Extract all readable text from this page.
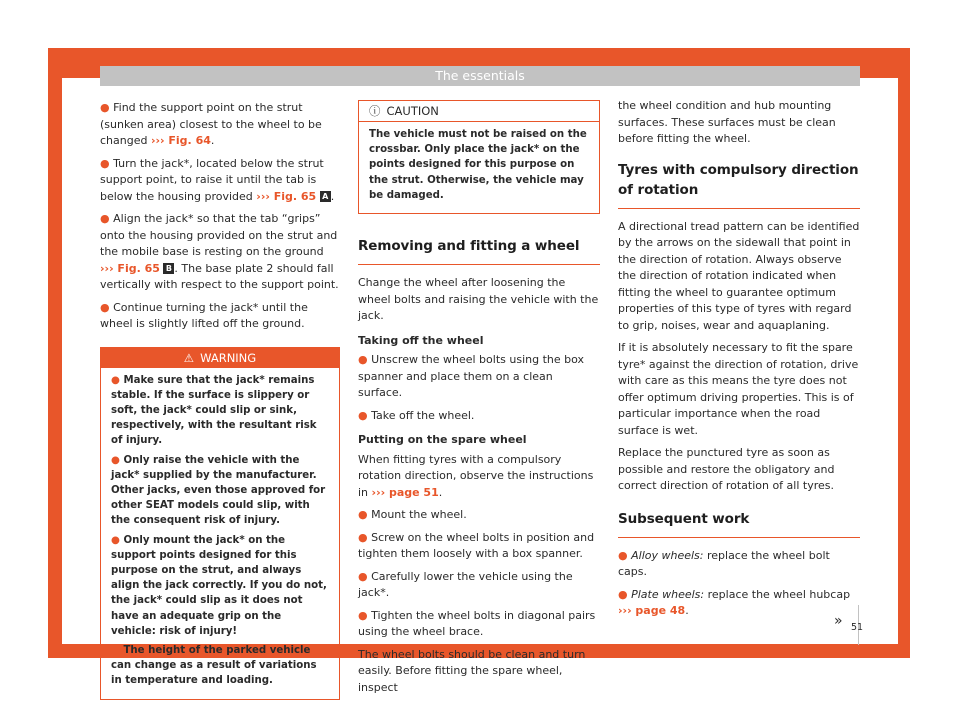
The essentials

● Find the support point on the strut (sunken area) closest to the wheel to be changed ››› Fig. 64.

● Turn the jack*, located below the strut support point, to raise it until the tab is below the housing provided ››› Fig. 65 A .

● Align the jack* so that the tab “grips” onto the housing provided on the strut and the mobile base is resting on the ground ››› Fig. 65 B . The base plate 2 should fall vertically with respect to the support point.

● Continue turning the jack* until the wheel is slightly lifted off the ground.

⚠ WARNING

● Make sure that the jack* remains stable. If the surface is slippery or soft, the jack* could slip or sink, respectively, with the resultant risk of injury.

● Only raise the vehicle with the jack* supplied by the manufacturer. Other jacks, even those approved for other SEAT models could slip, with the consequent risk of injury.

● Only mount the jack* on the support points designed for this purpose on the strut, and always align the jack correctly. If you do not, the jack* could slip as it does not have an adequate grip on the vehicle: risk of injury!

● The height of the parked vehicle can change as a result of variations in temperature and loading.

ⓘ CAUTION

The vehicle must not be raised on the crossbar. Only place the jack* on the points designed for this purpose on the strut. Otherwise, the vehicle may be damaged.

Removing and fitting a wheel

Change the wheel after loosening the wheel bolts and raising the vehicle with the jack.

Taking off the wheel

● Unscrew the wheel bolts using the box spanner and place them on a clean surface.

● Take off the wheel.

Putting on the spare wheel

When fitting tyres with a compulsory rotation direction, observe the instructions in ››› page 51.

● Mount the wheel.

● Screw on the wheel bolts in position and tighten them loosely with a box spanner.

● Carefully lower the vehicle using the jack*.

● Tighten the wheel bolts in diagonal pairs using the wheel brace.

The wheel bolts should be clean and turn easily. Before fitting the spare wheel, inspect

the wheel condition and hub mounting surfaces. These surfaces must be clean before fitting the wheel.

Tyres with compulsory direction of rotation

A directional tread pattern can be identified by the arrows on the sidewall that point in the direction of rotation. Always observe the direction of rotation indicated when fitting the wheel to guarantee optimum properties of this type of tyres with regard to grip, noises, wear and aquaplaning.

If it is absolutely necessary to fit the spare tyre* against the direction of rotation, drive with care as this means the tyre does not offer optimum driving properties. This is of particular importance when the road surface is wet.

Replace the punctured tyre as soon as possible and restore the obligatory and correct direction of rotation of all tyres.

Subsequent work

● Alloy wheels: replace the wheel bolt caps.

● Plate wheels: replace the wheel hubcap ››› page 48.

» 51
